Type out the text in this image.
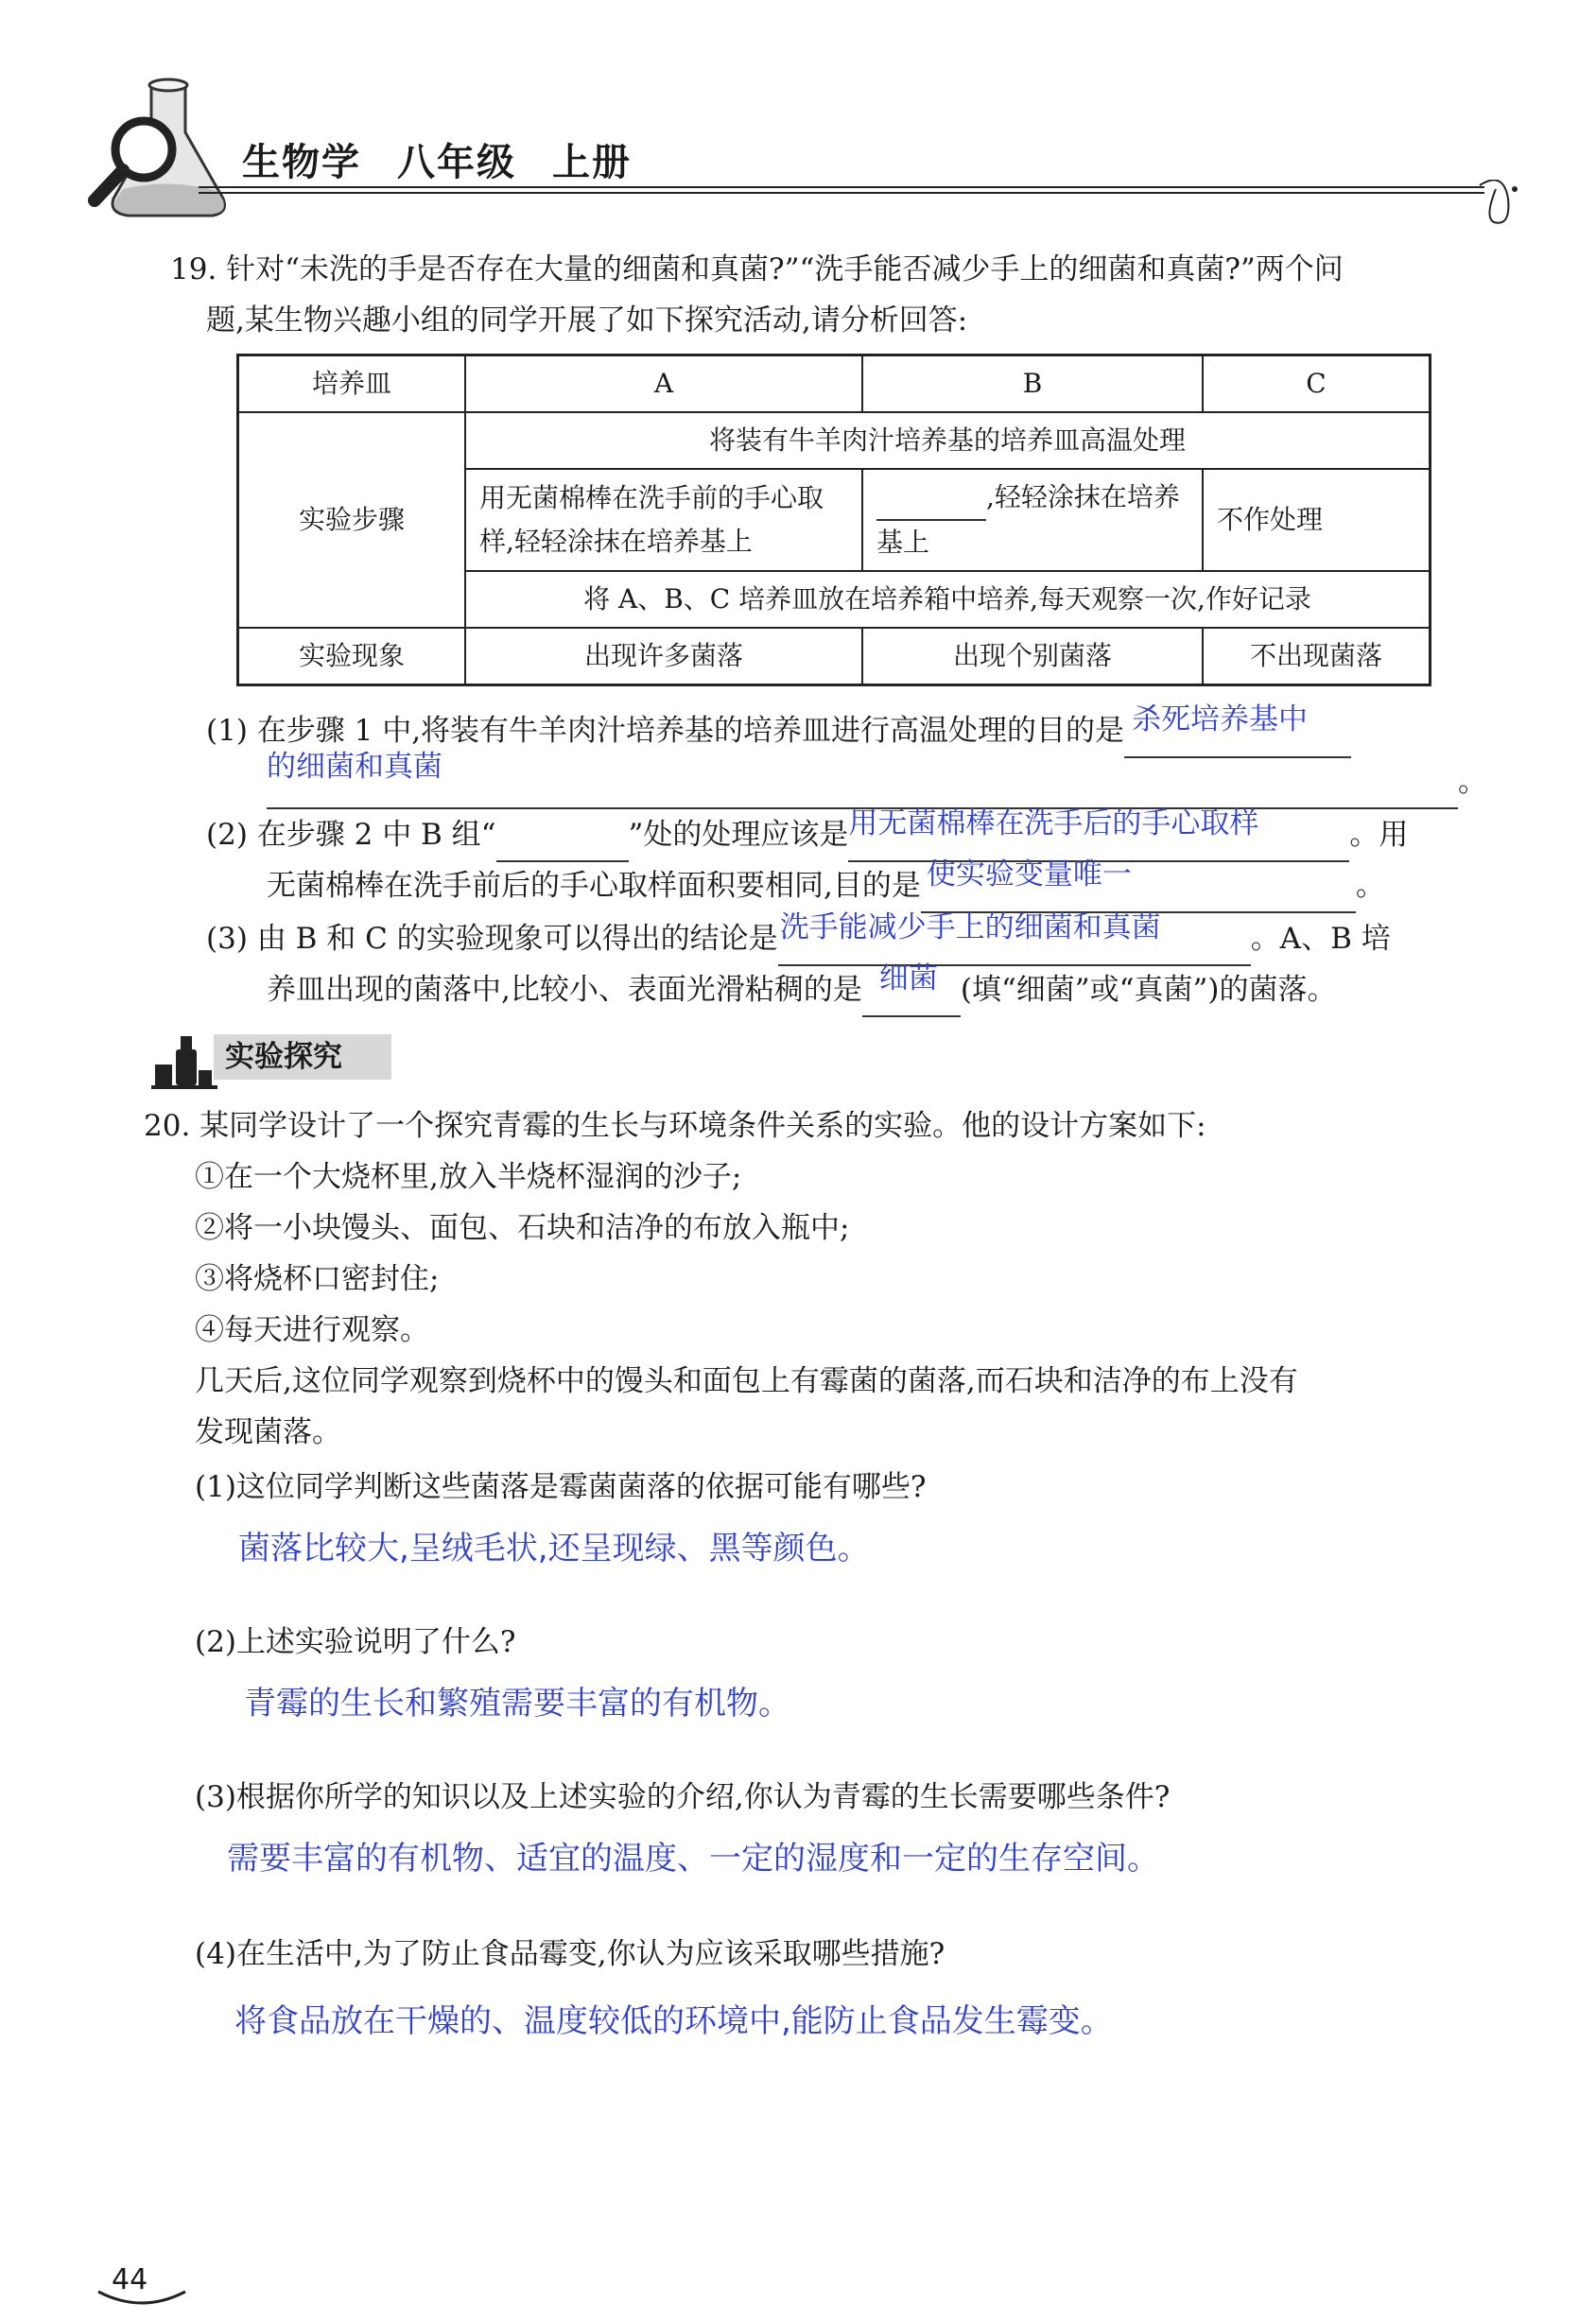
生物学 八年级 上册
19. 针对“未洗的手是否存在大量的细菌和真菌?”“洗手能否减少手上的细菌和真菌?”两个问
题,某生物兴趣小组的同学开展了如下探究活动,请分析回答:
培养皿	A	B	C
实验步骤	将装有牛羊肉汁培养基的培养皿高温处理		
	用无菌棉棒在洗手前的手心取样,轻轻涂抹在培养基上	,轻轻涂抹在培养基上	不作处理
	将 A、B、C 培养皿放在培养箱中培养,每天观察一次,作好记录		
实验现象	出现许多菌落	出现个别菌落	不出现菌落
(1) 在步骤 1 中,将装有牛羊肉汁培养基的培养皿进行高温处理的目的是 杀死培养基中

的细菌和真菌	。
(2) 在步骤 2 中 B 组“	”处的处理应该是 用无菌棉棒在洗手后的手心取样	。用
无菌棉棒在洗手前后的手心取样面积要相同,目的是 使实验变量唯一	。
(3) 由 B 和 C 的实验现象可以得出的结论是 洗手能减少手上的细菌和真菌	。A、B 培
养皿出现的菌落中,比较小、表面光滑粘稠的是 细菌 (填“细菌”或“真菌”)的菌落。
实验探究
20. 某同学设计了一个探究青霉的生长与环境条件关系的实验。他的设计方案如下:
①在一个大烧杯里,放入半烧杯湿润的沙子;
②将一小块馒头、面包、石块和洁净的布放入瓶中;
③将烧杯口密封住;
④每天进行观察。
几天后,这位同学观察到烧杯中的馒头和面包上有霉菌的菌落,而石块和洁净的布上没有
发现菌落。
(1)这位同学判断这些菌落是霉菌菌落的依据可能有哪些?
菌落比较大,呈绒毛状,还呈现绿、黑等颜色。
(2)上述实验说明了什么?
青霉的生长和繁殖需要丰富的有机物。
(3)根据你所学的知识以及上述实验的介绍,你认为青霉的生长需要哪些条件?
需要丰富的有机物、适宜的温度、一定的湿度和一定的生存空间。
(4)在生活中,为了防止食品霉变,你认为应该采取哪些措施?
将食品放在干燥的、温度较低的环境中,能防止食品发生霉变。
44
